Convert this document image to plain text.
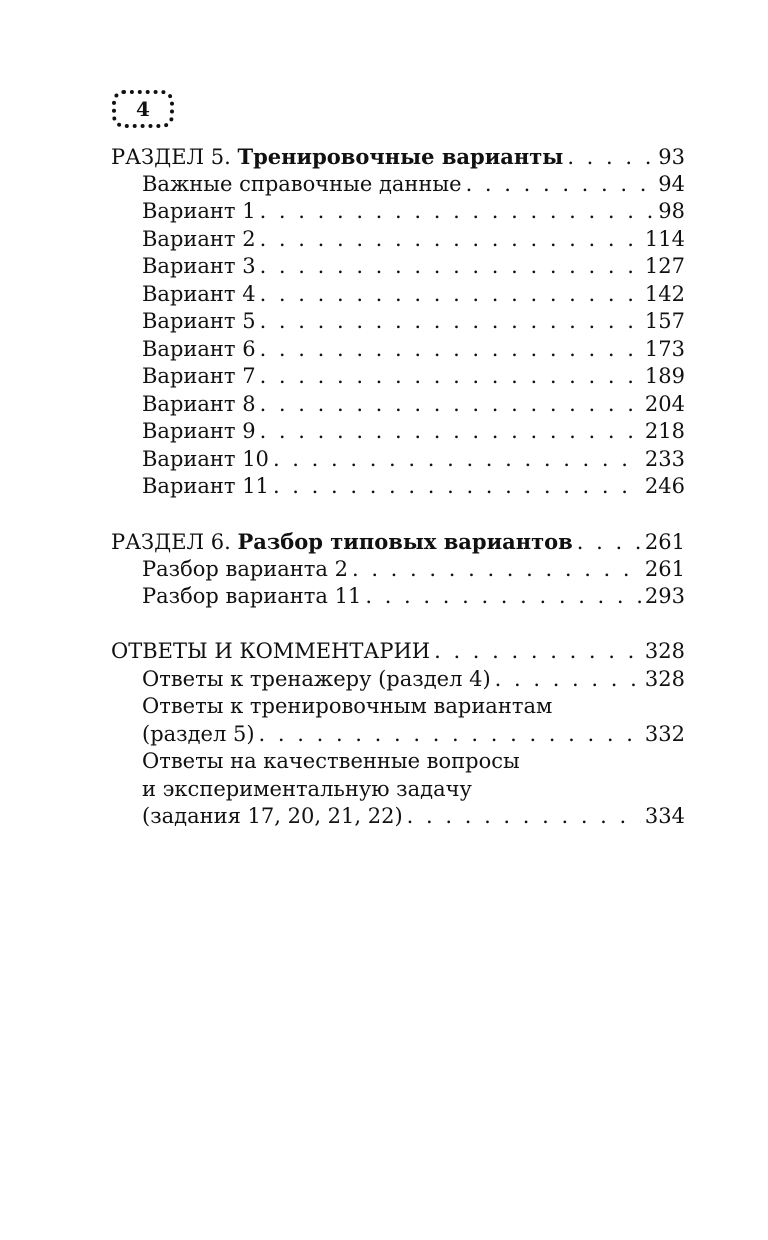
4
РАЗДЕЛ 5. Тренировочные варианты . . .	93
Важные справочные данные . . .	94
Вариант 1 . . .	98
Вариант 2 . . .	114
Вариант 3 . . .	127
Вариант 4 . . .	142
Вариант 5 . . .	157
Вариант 6 . . .	173
Вариант 7 . . .	189
Вариант 8 . . .	204
Вариант 9 . . .	218
Вариант 10 . . .	233
Вариант 11 . . .	246
РАЗДЕЛ 6. Разбор типовых вариантов . . .	261
Разбор варианта 2 . . .	261
Разбор варианта 11 . . .	293
ОТВЕТЫ И КОММЕНТАРИИ . . .	328
Ответы к тренажеру (раздел 4) . . .	328
Ответы к тренировочным вариантам
(раздел 5) . . .	332
Ответы на качественные вопросы
и экспериментальную задачу
(задания 17, 20, 21, 22) . . .	334
